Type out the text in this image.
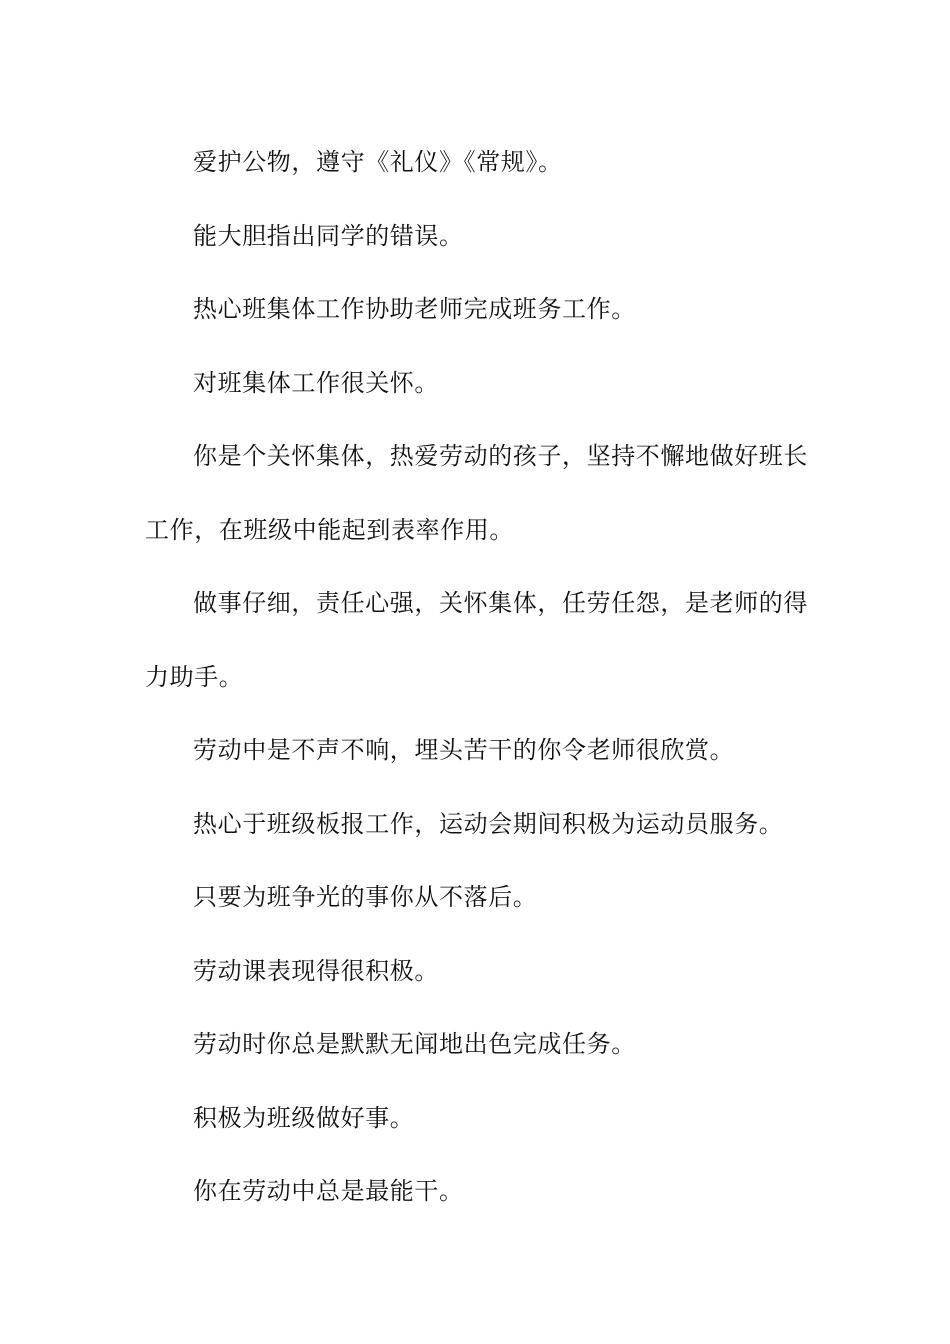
爱护公物，遵守《礼仪》《常规》。

能大胆指出同学的错误。

热心班集体工作协助老师完成班务工作。

对班集体工作很关怀。

你是个关怀集体，热爱劳动的孩子，坚持不懈地做好班长工作，在班级中能起到表率作用。

做事仔细，责任心强，关怀集体，任劳任怨，是老师的得力助手。

劳动中是不声不响，埋头苦干的你令老师很欣赏。

热心于班级板报工作，运动会期间积极为运动员服务。

只要为班争光的事你从不落后。

劳动课表现得很积极。

劳动时你总是默默无闻地出色完成任务。

积极为班级做好事。

你在劳动中总是最能干。
